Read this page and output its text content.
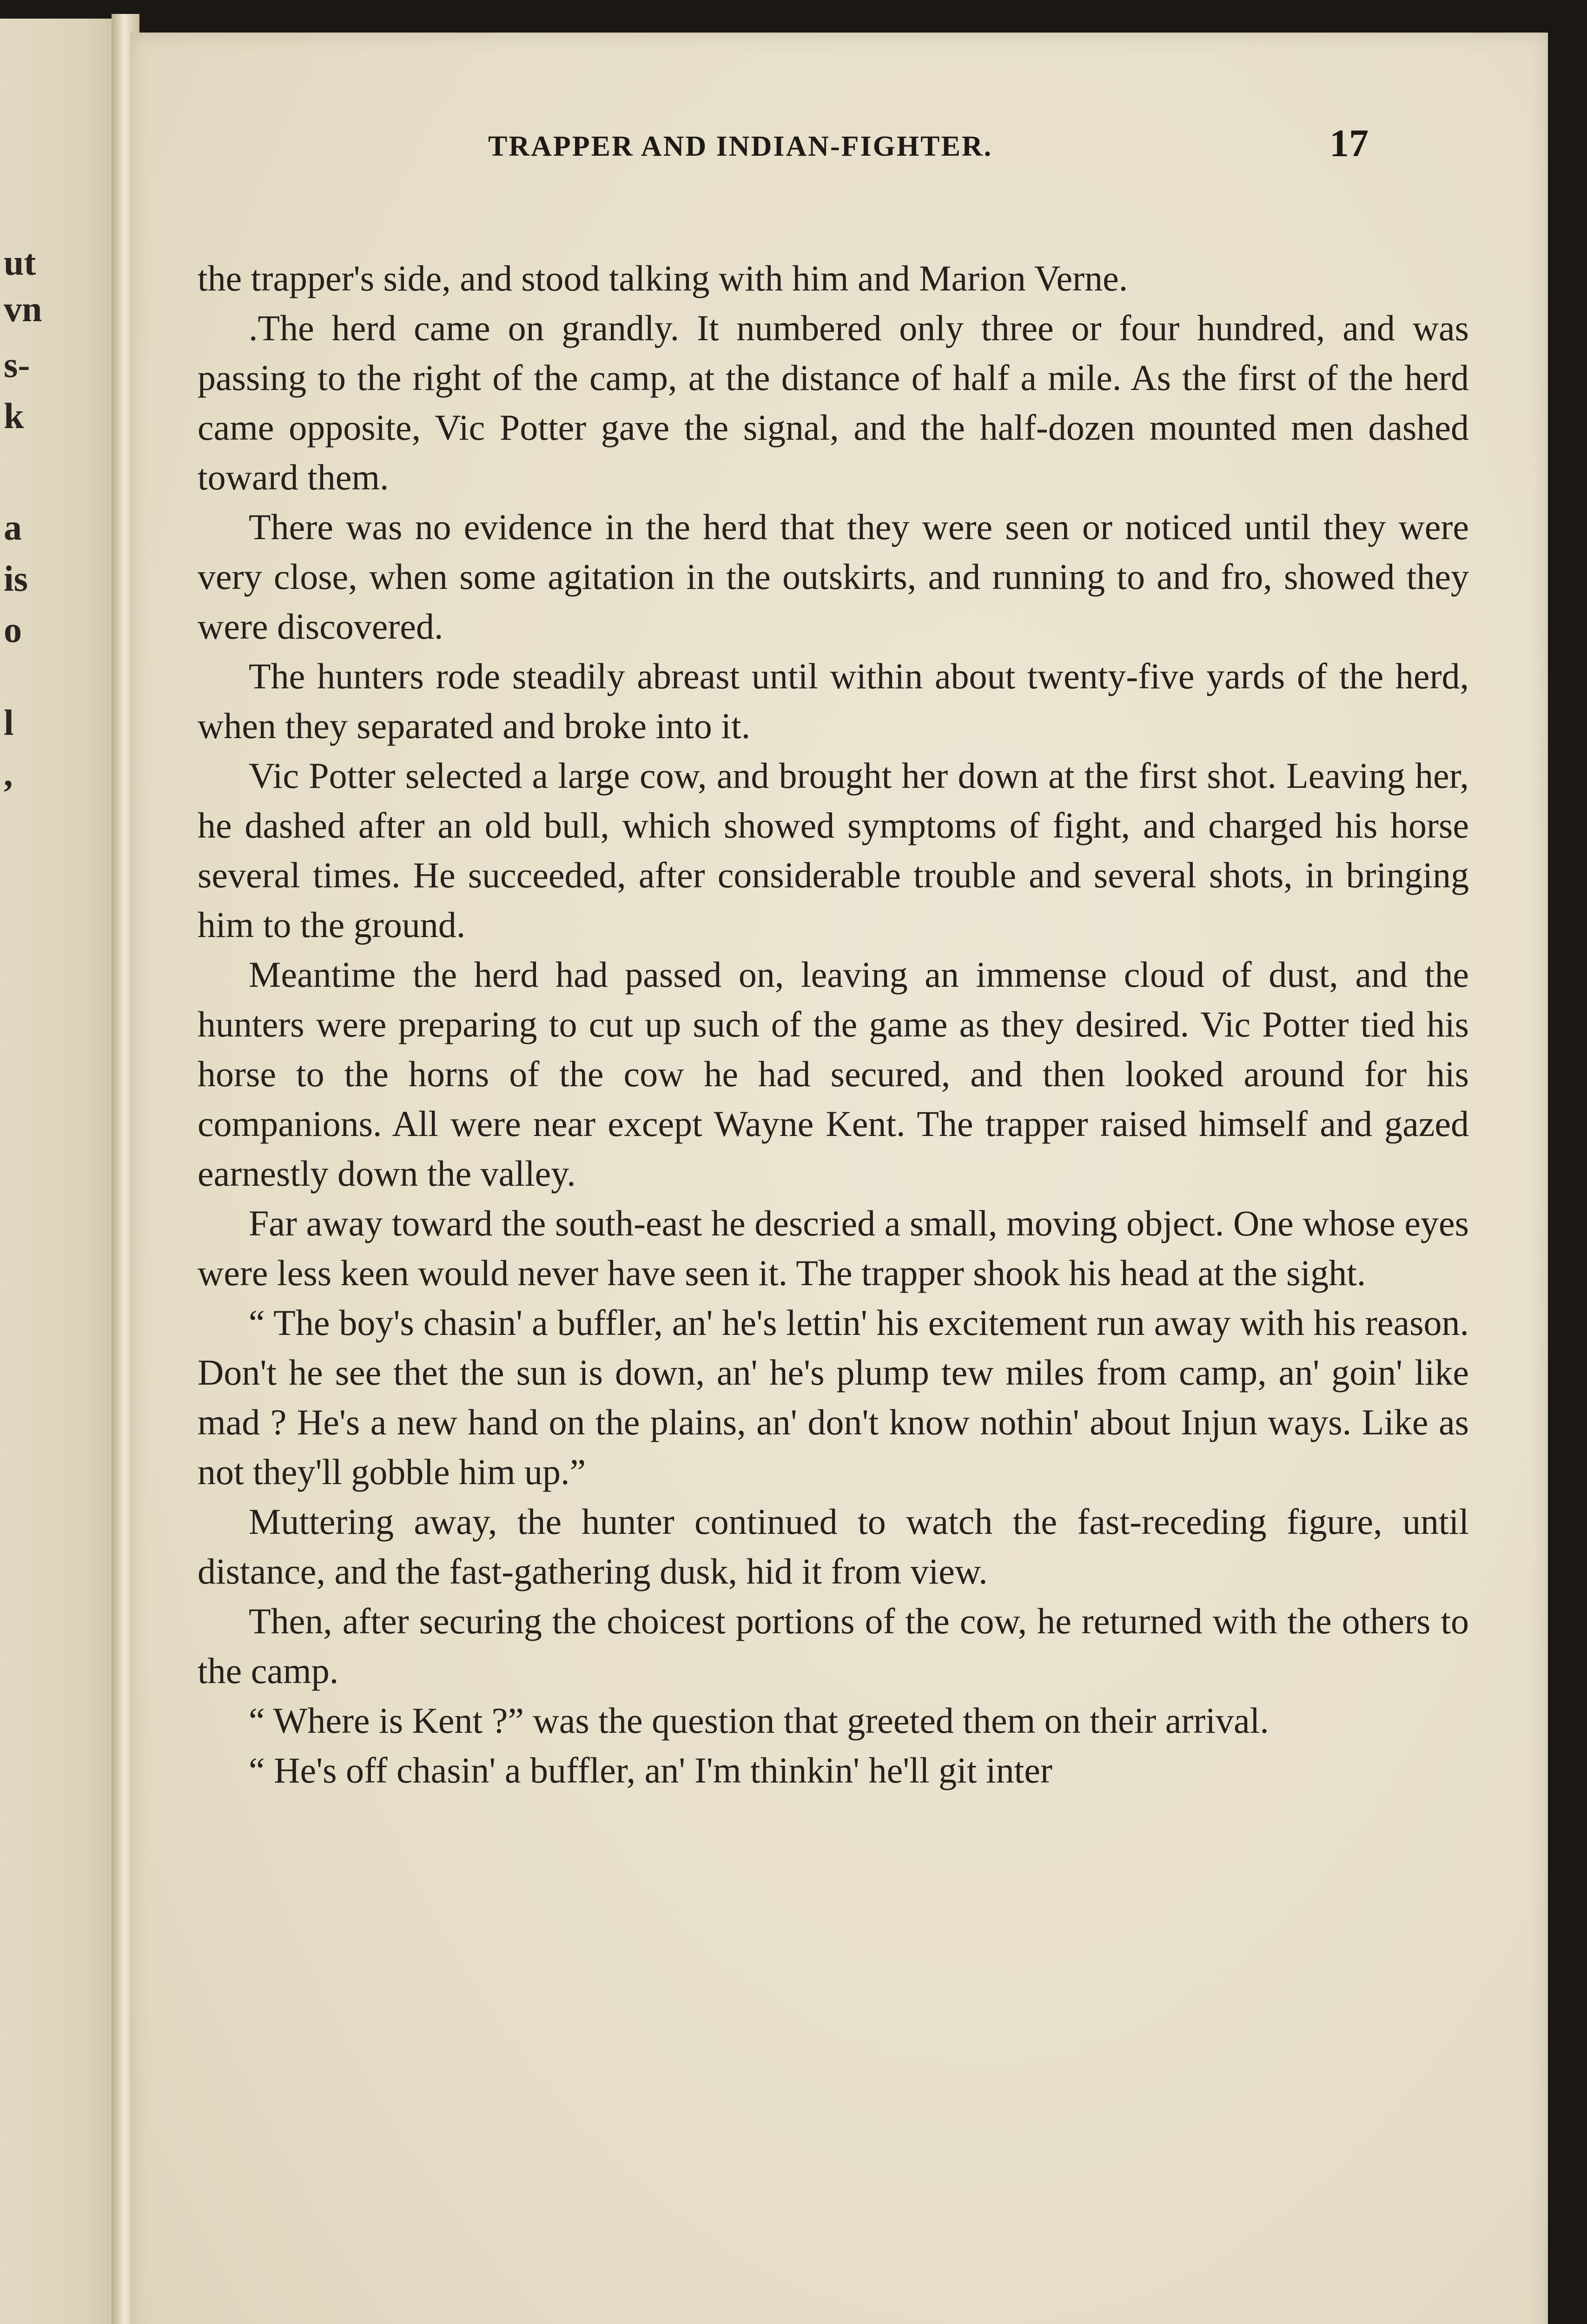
ut
vn
s-
k
a
is
o
l
,
TRAPPER AND INDIAN-FIGHTER.	17

the trapper's side, and stood talking with him and Marion Verne.

.The herd came on grandly. It numbered only three or four hundred, and was passing to the right of the camp, at the distance of half a mile. As the first of the herd came opposite, Vic Potter gave the signal, and the half-dozen mounted men dashed toward them.

There was no evidence in the herd that they were seen or noticed until they were very close, when some agitation in the outskirts, and running to and fro, showed they were discovered.

The hunters rode steadily abreast until within about twenty-five yards of the herd, when they separated and broke into it.

Vic Potter selected a large cow, and brought her down at the first shot. Leaving her, he dashed after an old bull, which showed symptoms of fight, and charged his horse several times. He succeeded, after considerable trouble and several shots, in bringing him to the ground.

Meantime the herd had passed on, leaving an immense cloud of dust, and the hunters were preparing to cut up such of the game as they desired. Vic Potter tied his horse to the horns of the cow he had secured, and then looked around for his companions. All were near except Wayne Kent. The trapper raised himself and gazed earnestly down the valley.

Far away toward the south-east he descried a small, moving object. One whose eyes were less keen would never have seen it. The trapper shook his head at the sight.

“ The boy's chasin' a buffler, an' he's lettin' his excitement run away with his reason. Don't he see thet the sun is down, an' he's plump tew miles from camp, an' goin' like mad ? He's a new hand on the plains, an' don't know nothin' about Injun ways. Like as not they'll gobble him up.”

Muttering away, the hunter continued to watch the fast-receding figure, until distance, and the fast-gathering dusk, hid it from view.

Then, after securing the choicest portions of the cow, he returned with the others to the camp.

“ Where is Kent ?” was the question that greeted them on their arrival.

“ He's off chasin' a buffler, an' I'm thinkin' he'll git inter
